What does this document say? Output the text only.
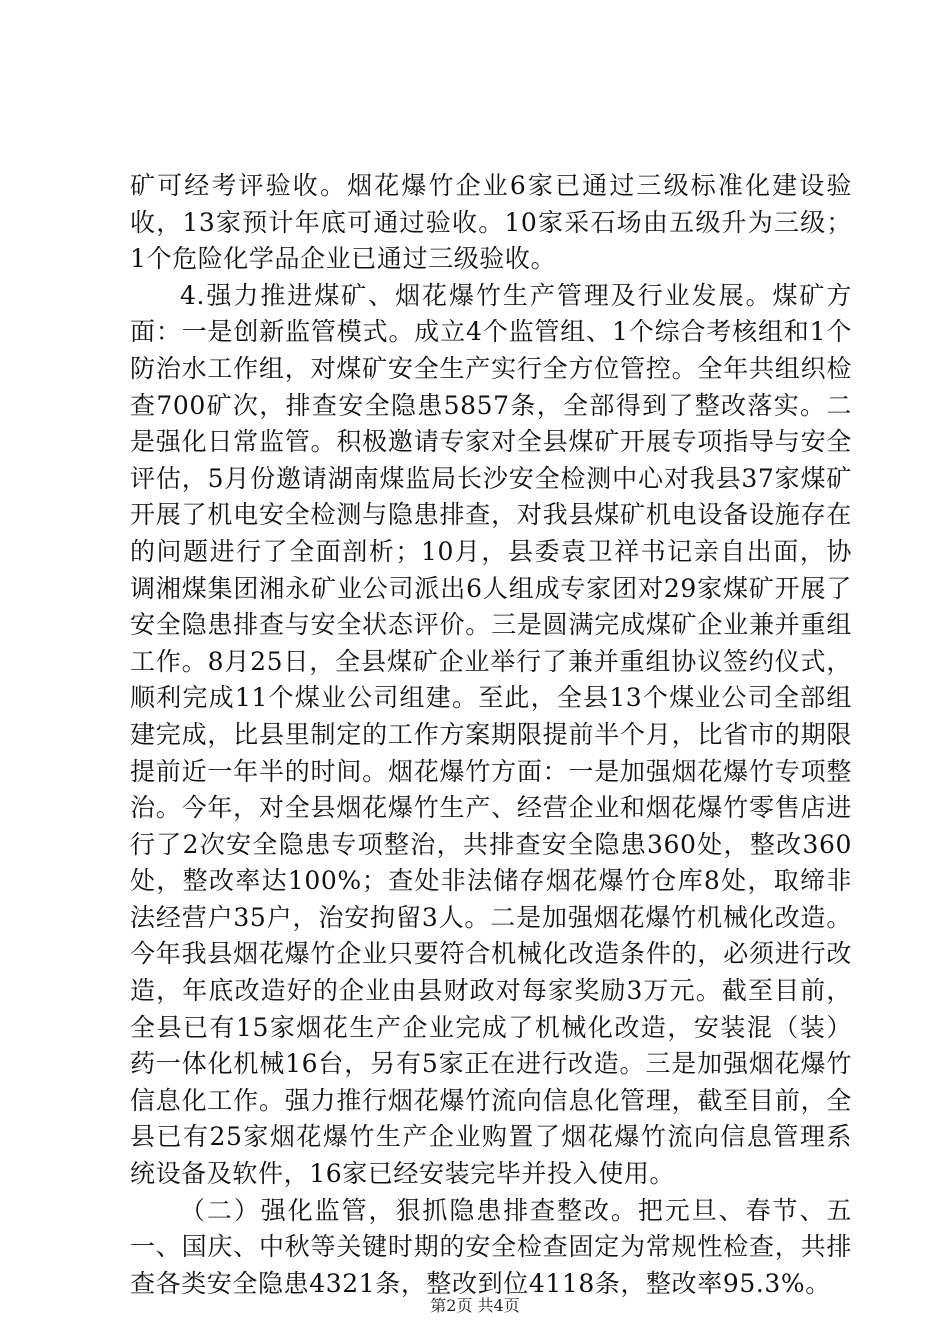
矿可经考评验收。烟花爆竹企业6家已通过三级标准化建设验收，13家预计年底可通过验收。10家采石场由五级升为三级；1个危险化学品企业已通过三级验收。

4.强力推进煤矿、烟花爆竹生产管理及行业发展。煤矿方面：一是创新监管模式。成立4个监管组、1个综合考核组和1个防治水工作组，对煤矿安全生产实行全方位管控。全年共组织检查700矿次，排查安全隐患5857条，全部得到了整改落实。二是强化日常监管。积极邀请专家对全县煤矿开展专项指导与安全评估，5月份邀请湖南煤监局长沙安全检测中心对我县37家煤矿开展了机电安全检测与隐患排查，对我县煤矿机电设备设施存在的问题进行了全面剖析；10月，县委袁卫祥书记亲自出面，协调湘煤集团湘永矿业公司派出6人组成专家团对29家煤矿开展了安全隐患排查与安全状态评价。三是圆满完成煤矿企业兼并重组工作。8月25日，全县煤矿企业举行了兼并重组协议签约仪式，顺利完成11个煤业公司组建。至此，全县13个煤业公司全部组建完成，比县里制定的工作方案期限提前半个月，比省市的期限提前近一年半的时间。烟花爆竹方面：一是加强烟花爆竹专项整治。今年，对全县烟花爆竹生产、经营企业和烟花爆竹零售店进行了2次安全隐患专项整治，共排查安全隐患360处，整改360处，整改率达100%；查处非法储存烟花爆竹仓库8处，取缔非法经营户35户，治安拘留3人。二是加强烟花爆竹机械化改造。今年我县烟花爆竹企业只要符合机械化改造条件的，必须进行改造，年底改造好的企业由县财政对每家奖励3万元。截至目前，全县已有15家烟花生产企业完成了机械化改造，安装混（装）药一体化机械16台，另有5家正在进行改造。三是加强烟花爆竹信息化工作。强力推行烟花爆竹流向信息化管理，截至目前，全县已有25家烟花爆竹生产企业购置了烟花爆竹流向信息管理系统设备及软件，16家已经安装完毕并投入使用。

（二）强化监管，狠抓隐患排查整改。把元旦、春节、五一、国庆、中秋等关键时期的安全检查固定为常规性检查，共排查各类安全隐患4321条，整改到位4118条，整改率95.3%。

第2页 共4页
